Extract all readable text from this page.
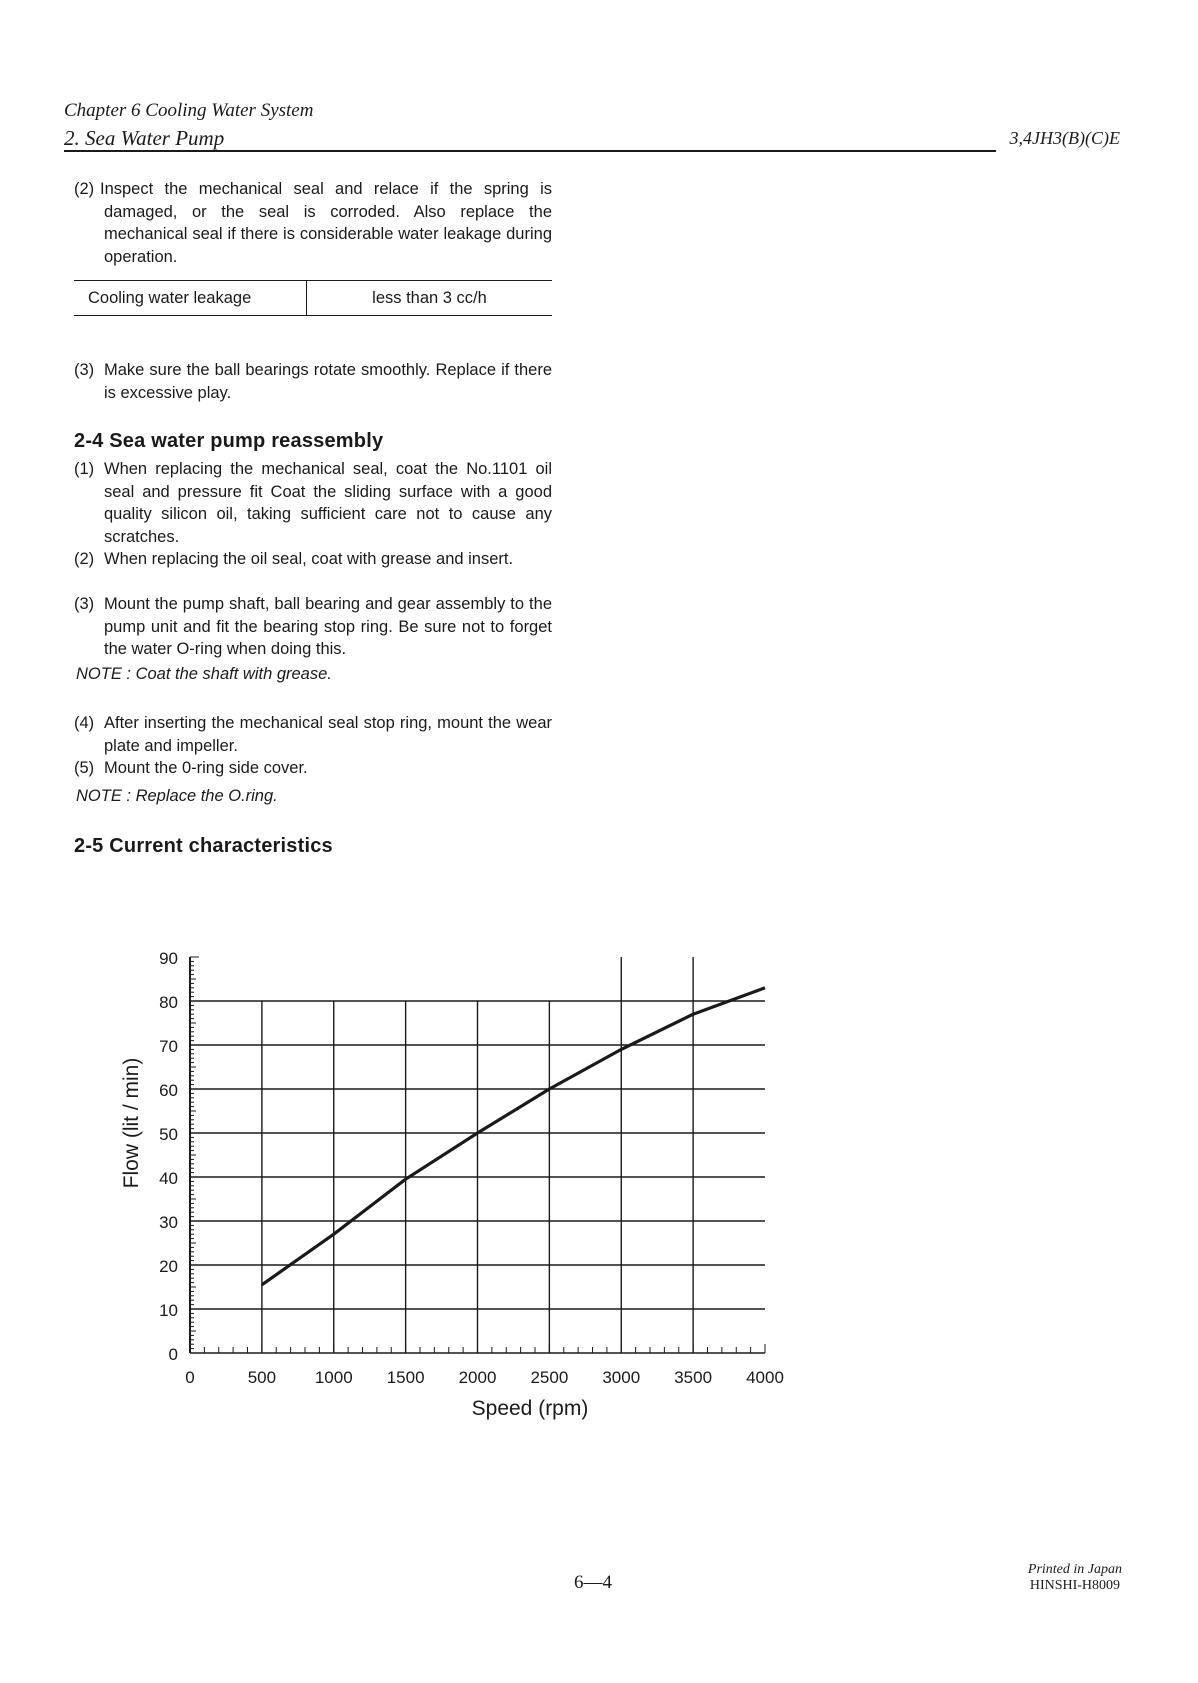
Chapter 6 Cooling Water System
2. Sea Water Pump	3,4JH3(B)(C)E
(2) Inspect the mechanical seal and relace if the spring is damaged, or the seal is corroded. Also replace the mechanical seal if there is considerable water leakage during operation.
Cooling water leakage	less than 3 cc/h
(3) Make sure the ball bearings rotate smoothly. Replace if there is excessive play.
2-4 Sea water pump reassembly
(1) When replacing the mechanical seal, coat the No.1101 oil seal and pressure fit Coat the sliding surface with a good quality silicon oil, taking sufficient care not to cause any scratches.
(2) When replacing the oil seal, coat with grease and insert.
(3) Mount the pump shaft, ball bearing and gear assembly to the pump unit and fit the bearing stop ring. Be sure not to forget the water O-ring when doing this.
NOTE : Coat the shaft with grease.
(4) After inserting the mechanical seal stop ring, mount the wear plate and impeller.
(5) Mount the 0-ring side cover.
NOTE : Replace the O.ring.
2-5 Current characteristics
0
10
20
30
40
50
60
70
80
90
0	500 1000 1500 2000 2500 3000 3500 4000
Speed (rpm)
Flow (lit / min)
6—4
Printed in Japan
HINSHI-H8009
